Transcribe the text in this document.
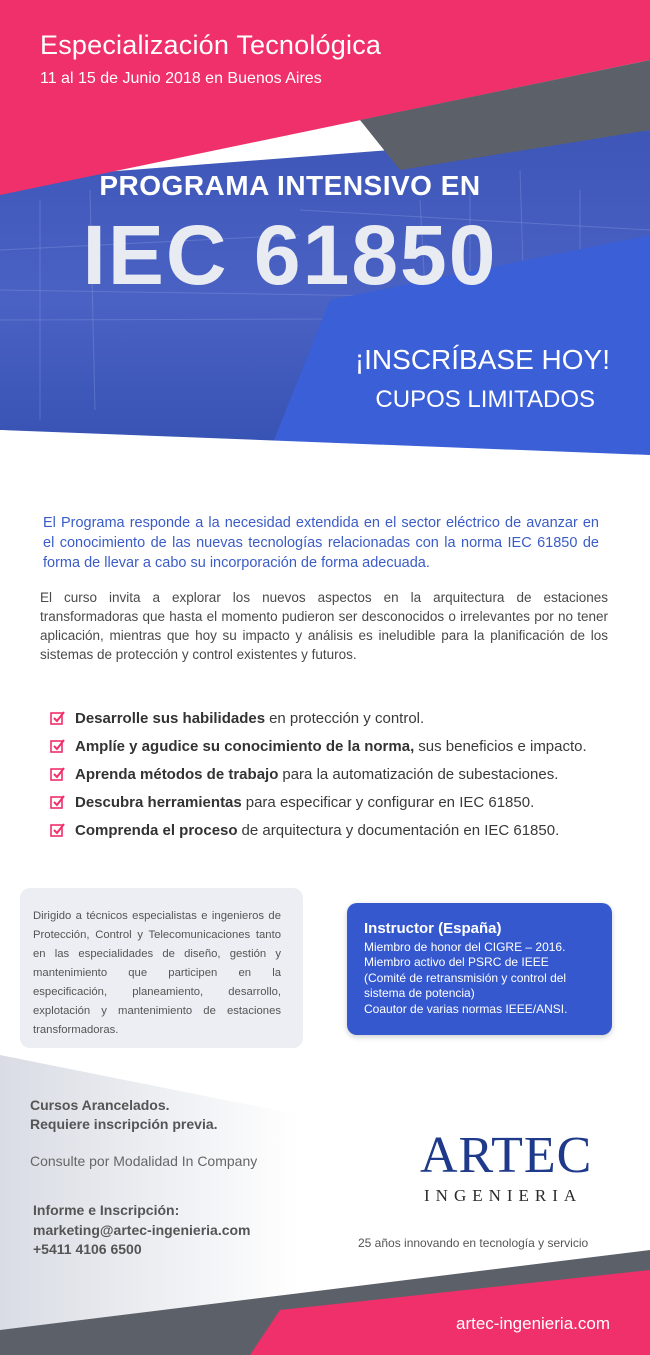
Especialización Tecnológica
11 al 15 de Junio 2018 en Buenos Aires
PROGRAMA INTENSIVO EN
IEC 61850
¡INSCRÍBASE HOY!
CUPOS LIMITADOS
El Programa responde a la necesidad extendida en el sector eléctrico de avanzar en el conocimiento de las nuevas tecnologías relacionadas con la norma IEC 61850 de forma de llevar a cabo su incorporación de forma adecuada.
El curso invita a explorar los nuevos aspectos en la arquitectura de estaciones transformadoras que hasta el momento pudieron ser desconocidos o irrelevantes por no tener aplicación, mientras que hoy su impacto y análisis es ineludible para la planificación de los sistemas de protección y control existentes y futuros.
Desarrolle sus habilidades en protección y control.
Amplíe y agudice su conocimiento de la norma, sus beneficios e impacto.
Aprenda métodos de trabajo para la automatización de subestaciones.
Descubra herramientas para especificar y configurar en IEC 61850.
Comprenda el proceso de arquitectura y documentación en IEC 61850.
Dirigido a técnicos especialistas e ingenieros de Protección, Control y Telecomunicaciones tanto en las especialidades de diseño, gestión y mantenimiento que participen en la especificación, planeamiento, desarrollo, explotación y mantenimiento de estaciones transformadoras.
Instructor (España)
Miembro de honor del CIGRE – 2016.
Miembro activo del PSRC de IEEE
(Comité de retransmisión y control del
sistema de potencia)
Coautor de varias normas IEEE/ANSI.
Cursos Arancelados.
Requiere inscripción previa.
Consulte por Modalidad In Company
Informe e Inscripción:
marketing@artec-ingenieria.com
+5411 4106 6500
ARTEC
INGENIERIA
25 años innovando en tecnología y servicio
artec-ingenieria.com
